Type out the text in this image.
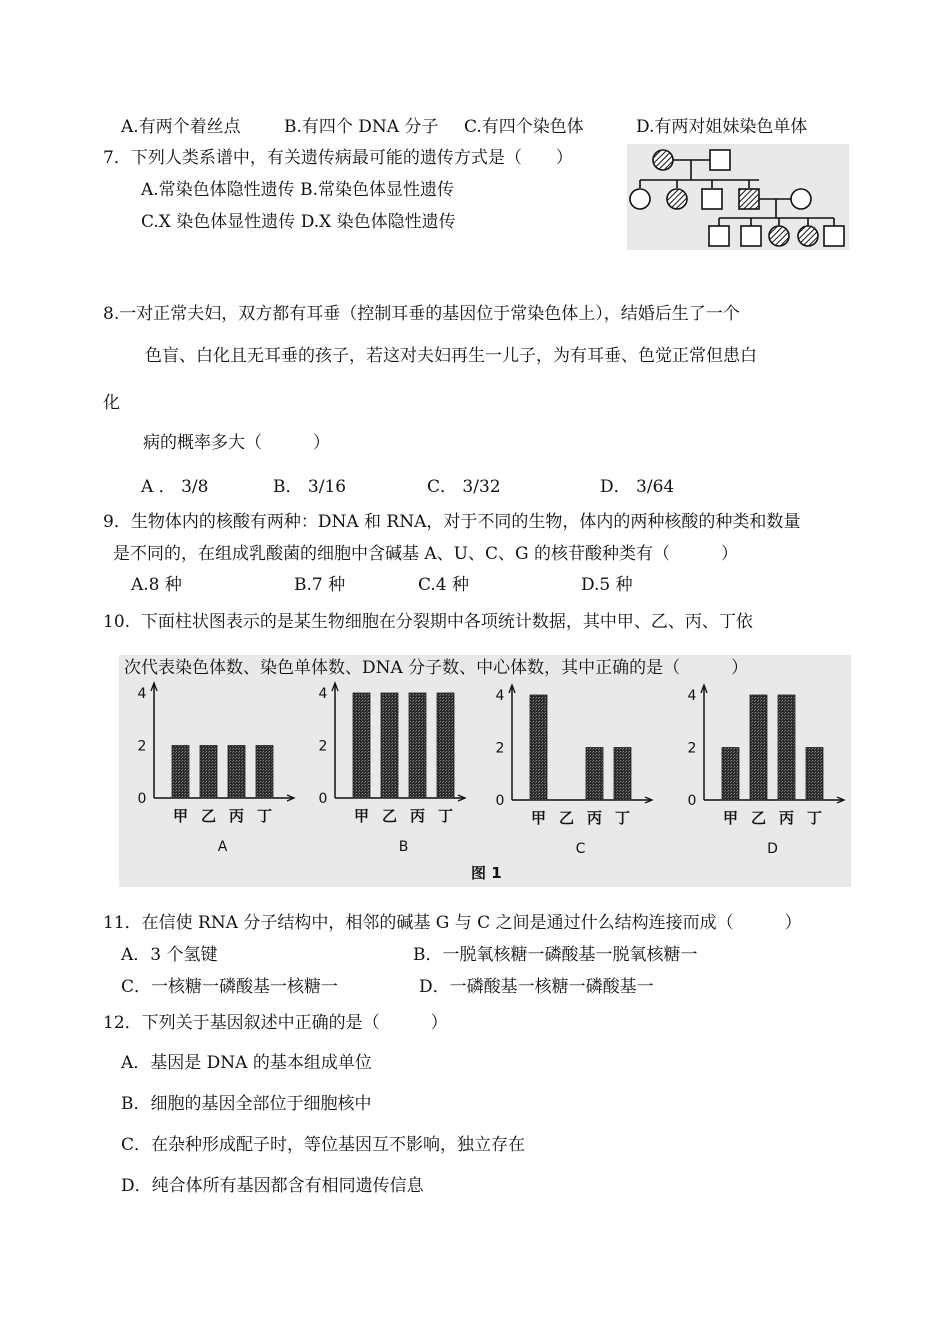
A.有两个着丝点	B.有四个 DNA 分子 C.有四个染色体	D.有两对姐妹染色单体
7．下列人类系谱中，有关遗传病最可能的遗传方式是（　　）
A.常染色体隐性遗传 B.常染色体显性遗传
C.X 染色体显性遗传 D.X 染色体隐性遗传
8.一对正常夫妇，双方都有耳垂（控制耳垂的基因位于常染色体上），结婚后生了一个
色盲、白化且无耳垂的孩子，若这对夫妇再生一儿子，为有耳垂、色觉正常但患白
化
病的概率多大（　　　）
A ． 3/8	B． 3/16	C． 3/32	D． 3/64
9．生物体内的核酸有两种：DNA 和 RNA，对于不同的生物，体内的两种核酸的种类和数量
是不同的，在组成乳酸菌的细胞中含碱基 A、U、C、G 的核苷酸种类有（　　　）
A.8 种	B.7 种	C.4 种	D.5 种
10.  下面柱状图表示的是某生物细胞在分裂期中各项统计数据，其中甲、乙、丙、丁依
0
2
4
甲 乙 丙 丁
A
0
2
4
甲 乙 丙 丁
B
0
2
4
甲 乙 丙 丁
C
0
2
4
甲 乙 丙 丁
D
次代表染色体数、染色单体数、DNA 分子数、中心体数，其中正确的是（　　　）
图 1
11．在信使 RNA 分子结构中，相邻的碱基 G 与 C 之间是通过什么结构连接而成（　　　）
A．3 个氢键	B．一脱氧核糖一磷酸基一脱氧核糖一
C．一核糖一磷酸基一核糖一	D．一磷酸基一核糖一磷酸基一
12．下列关于基因叙述中正确的是（　　　）
A．基因是 DNA 的基本组成单位
B．细胞的基因全部位于细胞核中
C．在杂种形成配子时，等位基因互不影响，独立存在
D．纯合体所有基因都含有相同遗传信息
